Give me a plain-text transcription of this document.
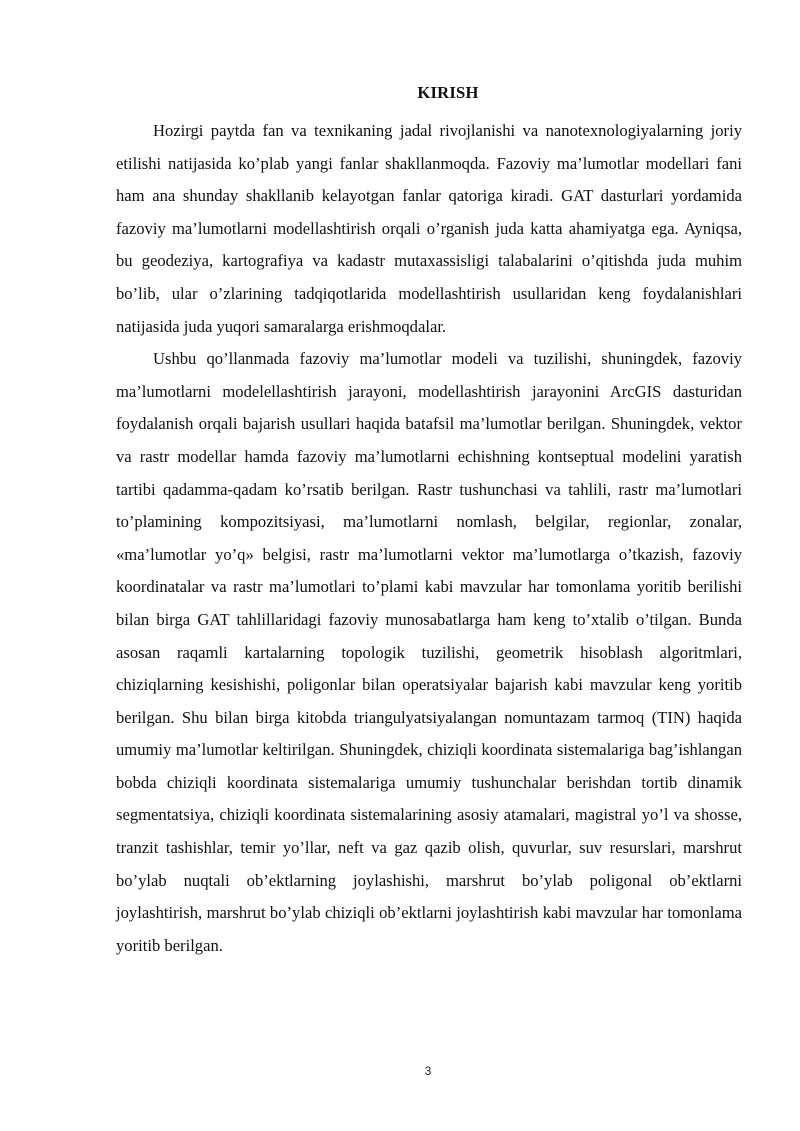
KIRISH

Hozirgi paytda fan va texnikaning jadal rivojlanishi va nanotexnologiyalarning joriy etilishi natijasida ko’plab yangi fanlar shakllanmoqda. Fazoviy ma’lumotlar modellari fani ham ana shunday shakllanib kelayotgan fanlar qatoriga kiradi. GAT dasturlari yordamida fazoviy ma’lumotlarni modellashtirish orqali o’rganish juda katta ahamiyatga ega. Ayniqsa, bu geodeziya, kartografiya va kadastr mutaxassisligi talabalarini o’qitishda juda muhim bo’lib, ular o’zlarining tadqiqotlarida modellashtirish usullaridan keng foydalanishlari natijasida juda yuqori samaralarga erishmoqdalar.

Ushbu qo’llanmada fazoviy ma’lumotlar modeli va tuzilishi, shuningdek, fazoviy ma’lumotlarni modelellashtirish jarayoni, modellashtirish jarayonini ArcGIS dasturidan foydalanish orqali bajarish usullari haqida batafsil ma’lumotlar berilgan. Shuningdek, vektor va rastr modellar hamda fazoviy ma’lumotlarni echishning kontseptual modelini yaratish tartibi qadamma-qadam ko’rsatib berilgan. Rastr tushunchasi va tahlili, rastr ma’lumotlari to’plamining kompozitsiyasi, ma’lumotlarni nomlash, belgilar, regionlar, zonalar, «ma’lumotlar yo’q» belgisi, rastr ma’lumotlarni vektor ma’lumotlarga o’tkazish, fazoviy koordinatalar va rastr ma’lumotlari to’plami kabi mavzular har tomonlama yoritib berilishi bilan birga GAT tahlillaridagi fazoviy munosabatlarga ham keng to’xtalib o’tilgan. Bunda asosan raqamli kartalarning topologik tuzilishi, geometrik hisoblash algoritmlari, chiziqlarning kesishishi, poligonlar bilan operatsiyalar bajarish kabi mavzular keng yoritib berilgan. Shu bilan birga kitobda triangulyatsiyalangan nomuntazam tarmoq (TIN) haqida umumiy ma’lumotlar keltirilgan. Shuningdek, chiziqli koordinata sistemalariga bag’ishlangan bobda chiziqli koordinata sistemalariga umumiy tushunchalar berishdan tortib dinamik segmentatsiya, chiziqli koordinata sistemalarining asosiy atamalari, magistral yo’l va shosse, tranzit tashishlar, temir yo’llar, neft va gaz qazib olish, quvurlar, suv resurslari, marshrut bo’ylab nuqtali ob’ektlarning joylashishi, marshrut bo’ylab poligonal ob’ektlarni joylashtirish, marshrut bo’ylab chiziqli ob’ektlarni joylashtirish kabi mavzular har tomonlama yoritib berilgan.

3
